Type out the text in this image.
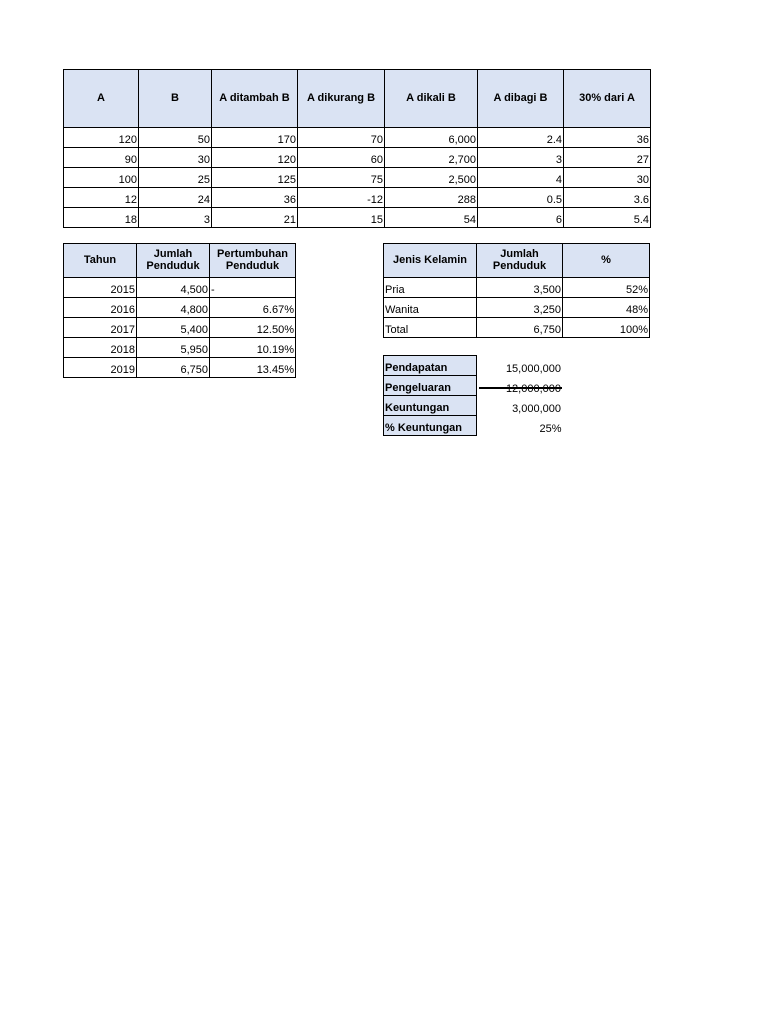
A	B	A ditambah B	A dikurang B	A dikali B	A dibagi B	30% dari A
120	50	170	70	6,000	2.4	36
90	30	120	60	2,700	3	27
100	25	125	75	2,500	4	30
12	24	36	-12	288	0.5	3.6
18	3	21	15	54	6	5.4
Tahun	Jumlah Penduduk	Pertumbuhan Penduduk
2015	4,500	-
2016	4,800	6.67%
2017	5,400	12.50%
2018	5,950	10.19%
2019	6,750	13.45%
Jenis Kelamin	Jumlah Penduduk	%
Pria	3,500	52%
Wanita	3,250	48%
Total	6,750	100%
Pendapatan	15,000,000
Pengeluaran	12,000,000
Keuntungan	3,000,000
% Keuntungan	25%
